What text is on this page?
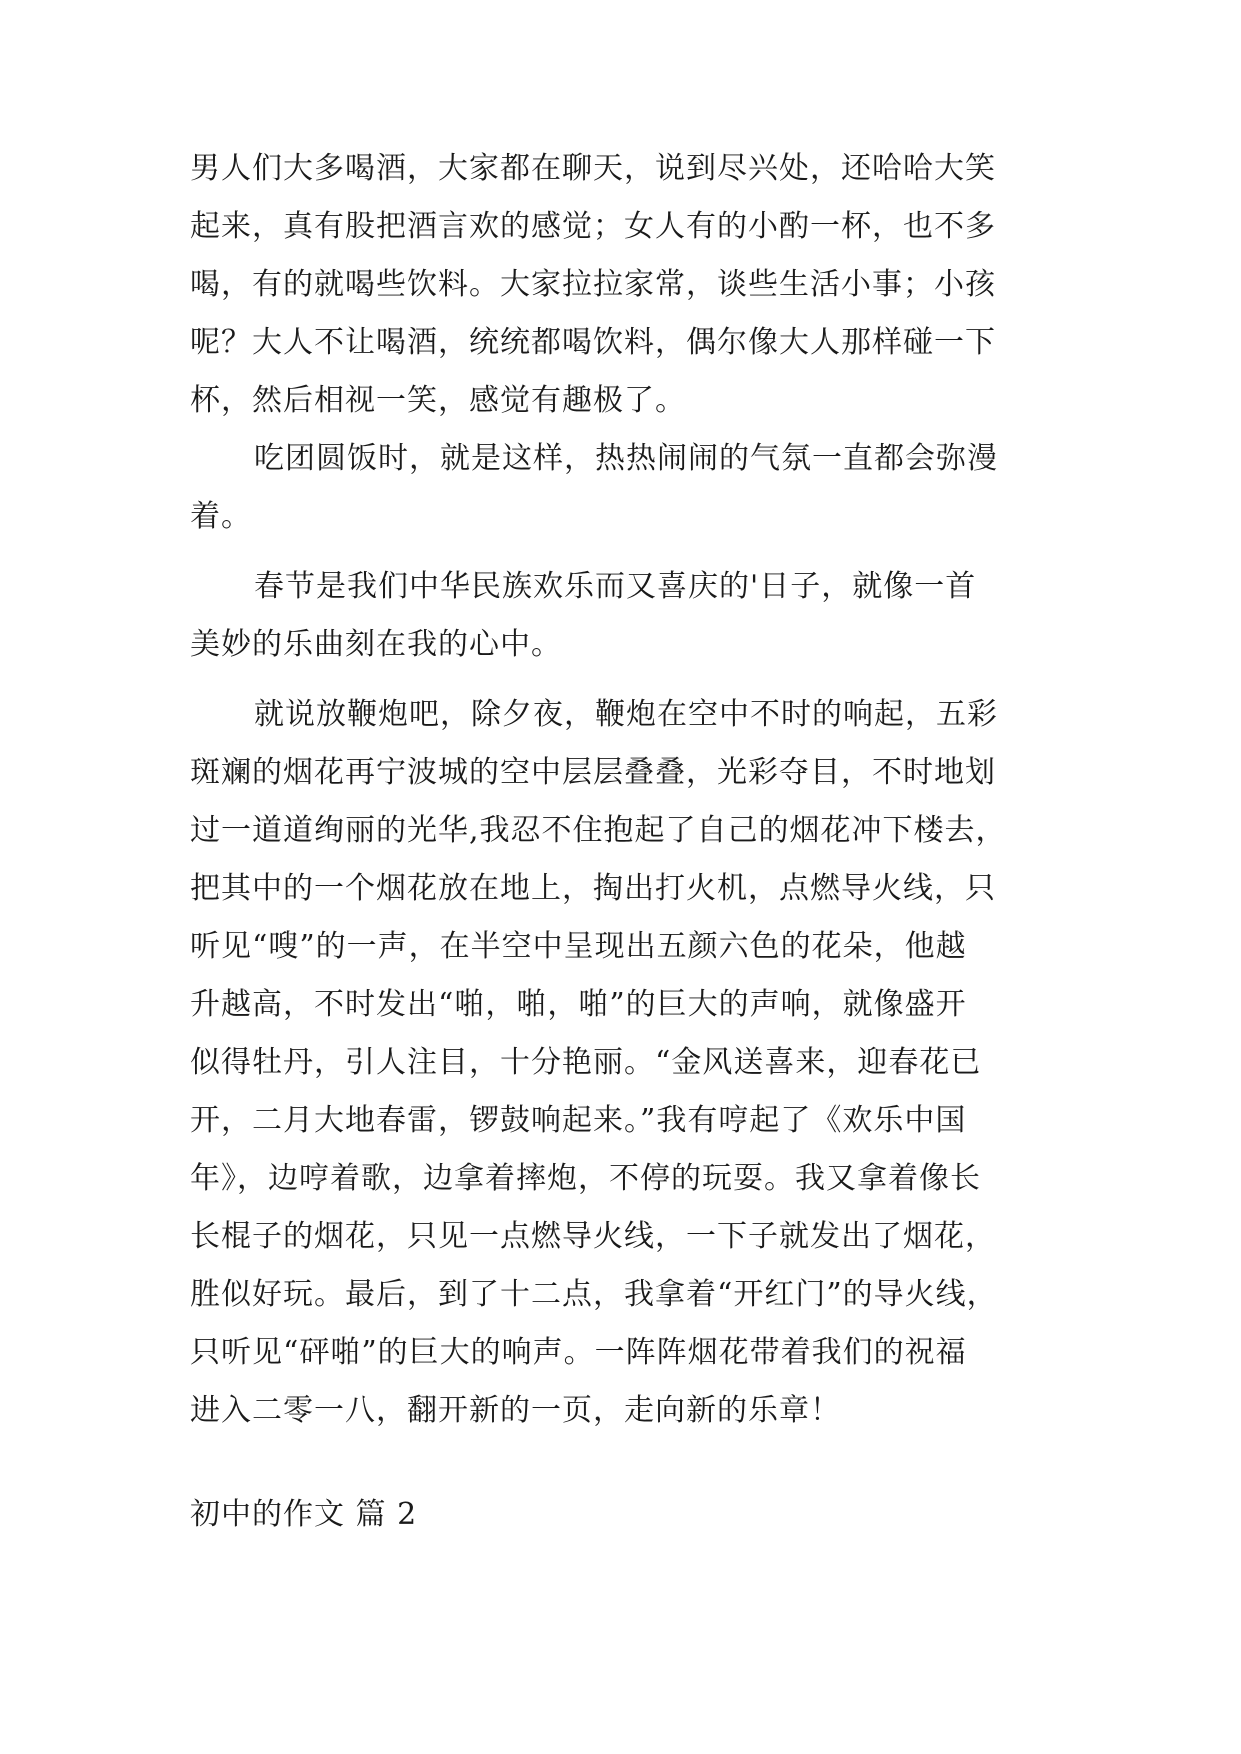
男人们大多喝酒，大家都在聊天，说到尽兴处，还哈哈大笑
起来，真有股把酒言欢的感觉；女人有的小酌一杯，也不多
喝，有的就喝些饮料。大家拉拉家常，谈些生活小事；小孩
呢？大人不让喝酒，统统都喝饮料，偶尔像大人那样碰一下
杯，然后相视一笑，感觉有趣极了。
吃团圆饭时，就是这样，热热闹闹的气氛一直都会弥漫
着。
春节是我们中华民族欢乐而又喜庆的'日子，就像一首
美妙的乐曲刻在我的心中。
就说放鞭炮吧，除夕夜，鞭炮在空中不时的响起，五彩
斑斓的烟花再宁波城的空中层层叠叠，光彩夺目，不时地划
过一道道绚丽的光华,我忍不住抱起了自己的烟花冲下楼去，
把其中的一个烟花放在地上，掏出打火机，点燃导火线，只
听见“嗖”的一声，在半空中呈现出五颜六色的花朵，他越
升越高，不时发出“啪，啪，啪”的巨大的声响，就像盛开
似得牡丹，引人注目，十分艳丽。“金风送喜来，迎春花已
开，二月大地春雷，锣鼓响起来。”我有哼起了《欢乐中国
年》，边哼着歌，边拿着摔炮，不停的玩耍。我又拿着像长
长棍子的烟花，只见一点燃导火线，一下子就发出了烟花，
胜似好玩。最后，到了十二点，我拿着“开红门”的导火线，
只听见“砰啪”的巨大的响声。一阵阵烟花带着我们的祝福
进入二零一八，翻开新的一页，走向新的乐章！
初中的作文 篇 2
